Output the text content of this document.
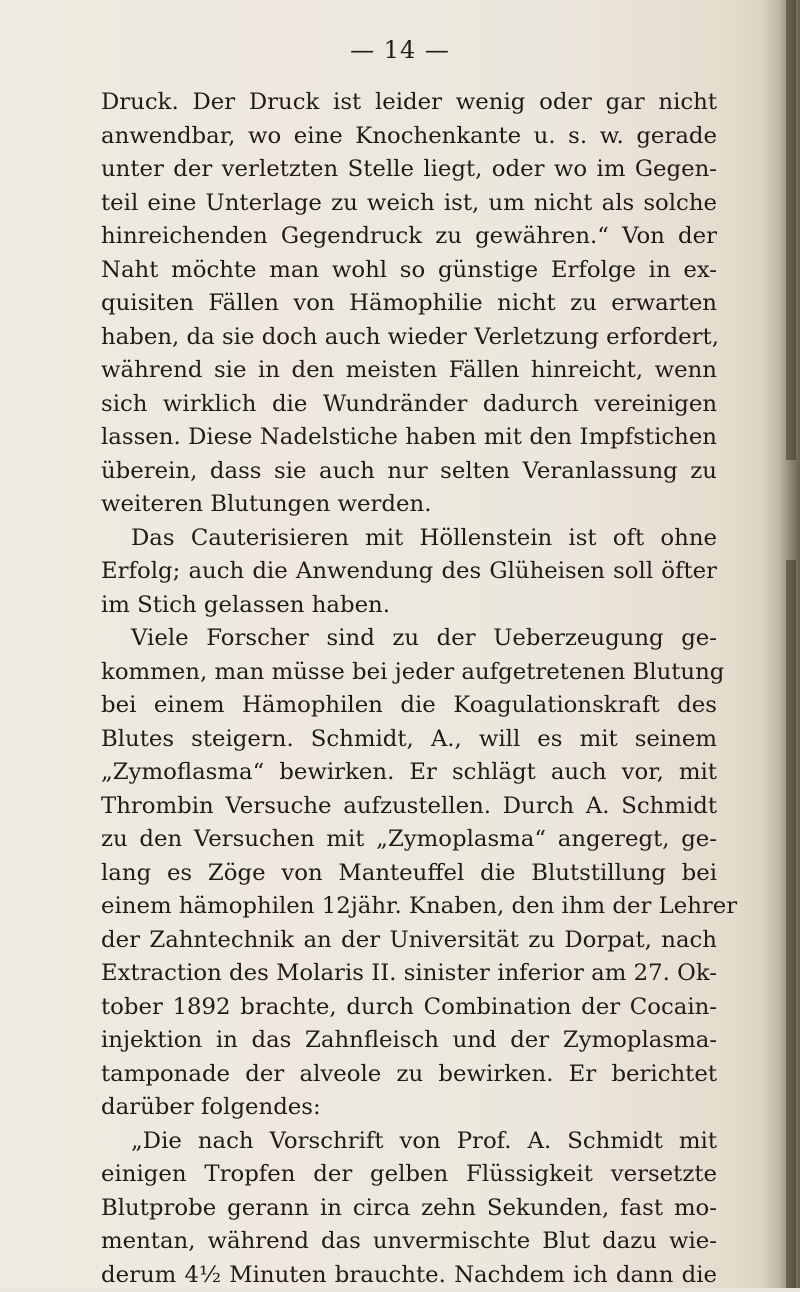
— 14 —
Druck. Der Druck ist leider wenig oder gar nicht
anwendbar, wo eine Knochenkante u. s. w. gerade
unter der verletzten Stelle liegt, oder wo im Gegen-
teil eine Unterlage zu weich ist, um nicht als solche
hinreichenden Gegendruck zu gewähren.“ Von der
Naht möchte man wohl so günstige Erfolge in ex-
quisiten Fällen von Hämophilie nicht zu erwarten
haben, da sie doch auch wieder Verletzung erfordert,
während sie in den meisten Fällen hinreicht, wenn
sich wirklich die Wundränder dadurch vereinigen
lassen. Diese Nadelstiche haben mit den Impfstichen
überein, dass sie auch nur selten Veranlassung zu
weiteren Blutungen werden.
Das Cauterisieren mit Höllenstein ist oft ohne
Erfolg; auch die Anwendung des Glüheisen soll öfter
im Stich gelassen haben.
Viele Forscher sind zu der Ueberzeugung ge-
kommen, man müsse bei jeder aufgetretenen Blutung
bei einem Hämophilen die Koagulationskraft des
Blutes steigern. Schmidt, A., will es mit seinem
„Zymoflasma“ bewirken. Er schlägt auch vor, mit
Thrombin Versuche aufzustellen. Durch A. Schmidt
zu den Versuchen mit „Zymoplasma“ angeregt, ge-
lang es Zöge von Manteuffel die Blutstillung bei
einem hämophilen 12jähr. Knaben, den ihm der Lehrer
der Zahntechnik an der Universität zu Dorpat, nach
Extraction des Molaris II. sinister inferior am 27. Ok-
tober 1892 brachte, durch Combination der Cocain-
injektion in das Zahnfleisch und der Zymoplasma-
tamponade der alveole zu bewirken. Er berichtet
darüber folgendes:
„Die nach Vorschrift von Prof. A. Schmidt mit
einigen Tropfen der gelben Flüssigkeit versetzte
Blutprobe gerann in circa zehn Sekunden, fast mo-
mentan, während das unvermischte Blut dazu wie-
derum 4½ Minuten brauchte. Nachdem ich dann die
